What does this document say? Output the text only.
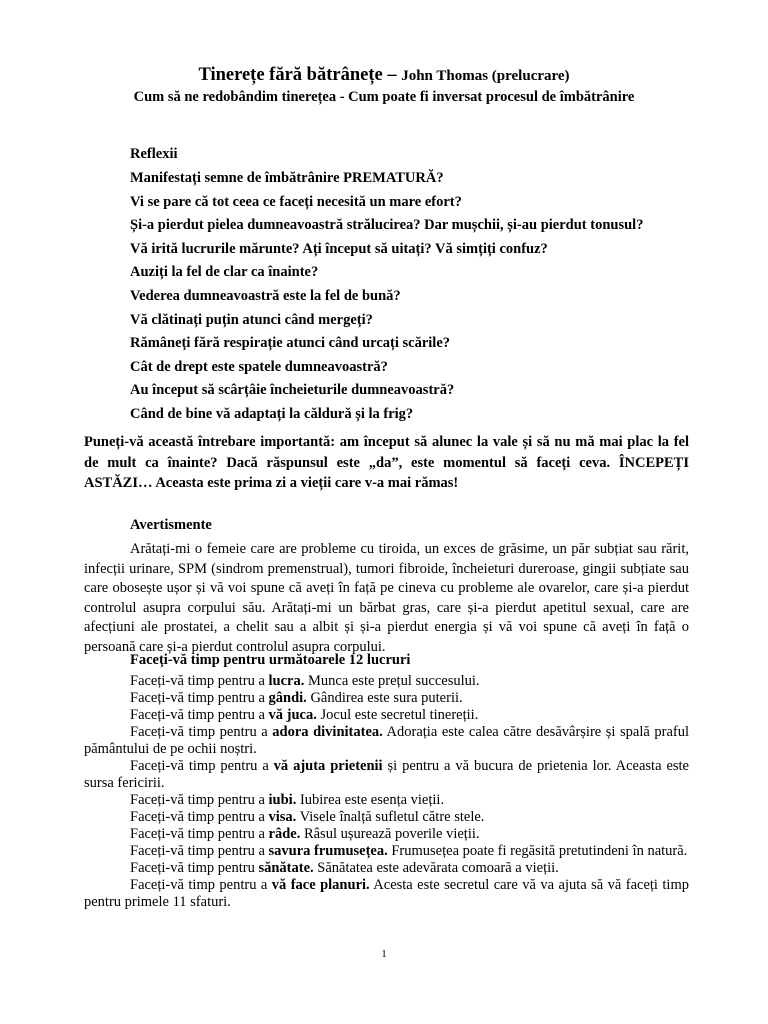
Tinerețe fără bătrânețe – John Thomas (prelucrare)
Cum să ne redobândim tinerețea - Cum poate fi inversat procesul de îmbătrânire
Reflexii
Manifestați semne de îmbătrânire PREMATURĂ?
Vi se pare că tot ceea ce faceți necesită un mare efort?
Și-a pierdut pielea dumneavoastră strălucirea? Dar mușchii, și-au pierdut tonusul?
Vă irită lucrurile mărunte? Ați început să uitați? Vă simțiți confuz?
Auziți la fel de clar ca înainte?
Vederea dumneavoastră este la fel de bună?
Vă clătinați puțin atunci când mergeți?
Rămâneți fără respirație atunci când urcați scările?
Cât de drept este spatele dumneavoastră?
Au început să scârțâie încheieturile dumneavoastră?
Când de bine vă adaptați la căldură și la frig?
Puneți-vă această întrebare importantă: am început să alunec la vale și să nu mă mai plac la fel de mult ca înainte? Dacă răspunsul este „da”, este momentul să faceți ceva. ÎNCEPEȚI ASTĂZI… Aceasta este prima zi a vieții care v-a mai rămas!
Avertismente
Arătați-mi o femeie care are probleme cu tiroida, un exces de grăsime, un păr subțiat sau rărit, infecții urinare, SPM (sindrom premenstrual), tumori fibroide, încheieturi dureroase, gingii subțiate sau care obosește ușor și vă voi spune că aveți în față pe cineva cu probleme ale ovarelor, care și-a pierdut controlul asupra corpului său. Arătați-mi un bărbat gras, care și-a pierdut apetitul sexual, care are afecțiuni ale prostatei, a chelit sau a albit și și-a pierdut energia și vă voi spune că aveți în față o persoană care și-a pierdut controlul asupra corpului.
Faceți-vă timp pentru următoarele 12 lucruri
Faceți-vă timp pentru a lucra. Munca este prețul succesului.
Faceți-vă timp pentru a gândi. Gândirea este sura puterii.
Faceți-vă timp pentru a vă juca. Jocul este secretul tinereții.
Faceți-vă timp pentru a adora divinitatea. Adorația este calea către desăvârșire și spală praful pământului de pe ochii noștri.
Faceți-vă timp pentru a vă ajuta prietenii și pentru a vă bucura de prietenia lor. Aceasta este sursa fericirii.
Faceți-vă timp pentru a iubi. Iubirea este esența vieții.
Faceți-vă timp pentru a visa. Visele înalță sufletul către stele.
Faceți-vă timp pentru a râde. Râsul ușurează poverile vieții.
Faceți-vă timp pentru a savura frumusețea. Frumusețea poate fi regăsită pretutindeni în natură.
Faceți-vă timp pentru sănătate. Sănătatea este adevărata comoară a vieții.
Faceți-vă timp pentru a vă face planuri. Acesta este secretul care vă va ajuta să vă faceți timp pentru primele 11 sfaturi.
1
